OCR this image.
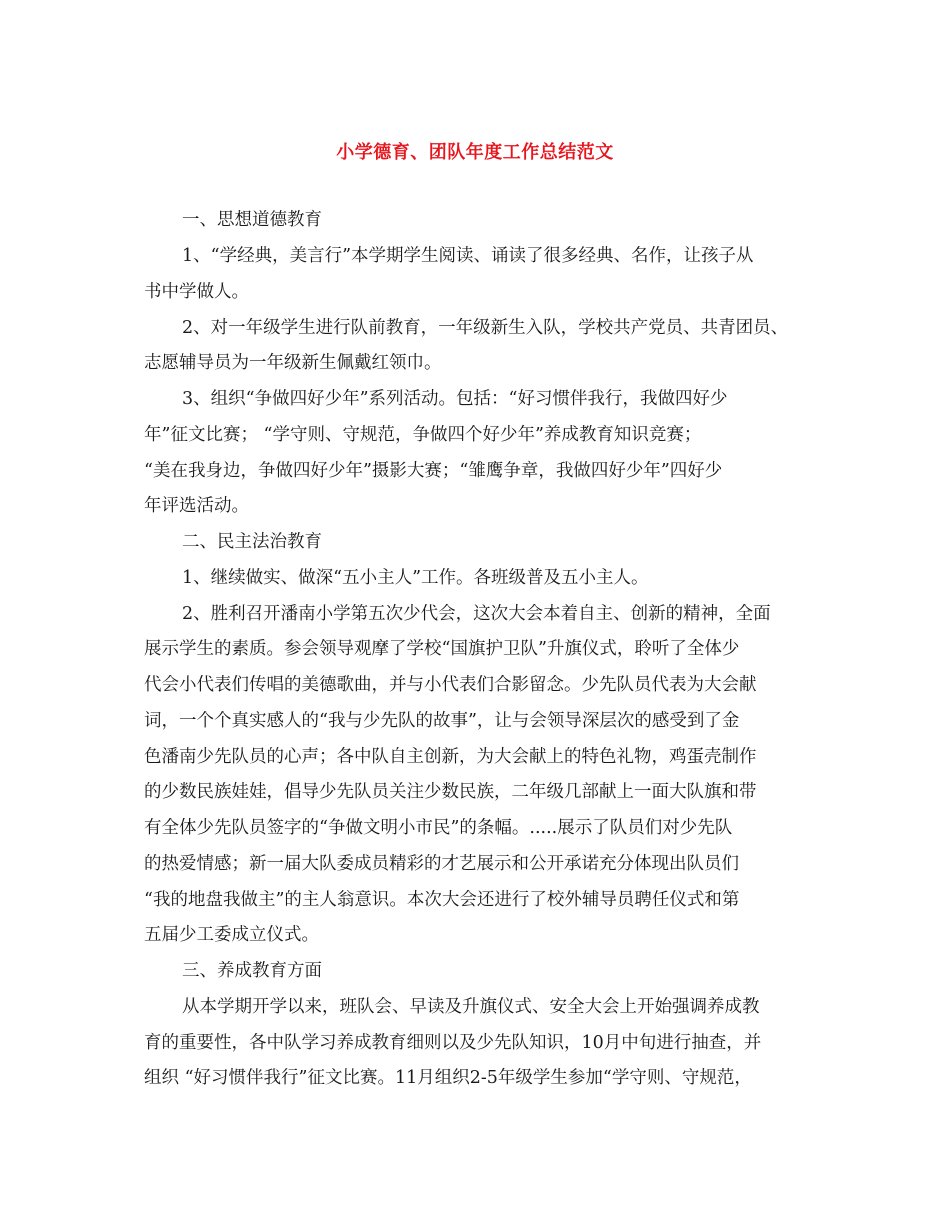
小学德育、团队年度工作总结范文
一、思想道德教育
1、“学经典，美言行”本学期学生阅读、诵读了很多经典、名作，让孩子从
书中学做人。
2、对一年级学生进行队前教育，一年级新生入队，学校共产党员、共青团员、
志愿辅导员为一年级新生佩戴红领巾。
3、组织“争做四好少年”系列活动。包括：“好习惯伴我行，我做四好少
年”征文比赛； “学守则、守规范，争做四个好少年”养成教育知识竞赛；
“美在我身边，争做四好少年”摄影大赛；“雏鹰争章，我做四好少年”四好少
年评选活动。
二、民主法治教育
1、继续做实、做深“五小主人”工作。各班级普及五小主人。
2、胜利召开潘南小学第五次少代会，这次大会本着自主、创新的精神，全面
展示学生的素质。参会领导观摩了学校“国旗护卫队”升旗仪式，聆听了全体少
代会小代表们传唱的美德歌曲，并与小代表们合影留念。少先队员代表为大会献
词，一个个真实感人的“我与少先队的故事”，让与会领导深层次的感受到了金
色潘南少先队员的心声；各中队自主创新，为大会献上的特色礼物，鸡蛋壳制作
的少数民族娃娃，倡导少先队员关注少数民族，二年级几部献上一面大队旗和带
有全体少先队员签字的“争做文明小市民”的条幅。.....展示了队员们对少先队
的热爱情感；新一届大队委成员精彩的才艺展示和公开承诺充分体现出队员们
“我的地盘我做主”的主人翁意识。本次大会还进行了校外辅导员聘任仪式和第
五届少工委成立仪式。
三、养成教育方面
从本学期开学以来，班队会、早读及升旗仪式、安全大会上开始强调养成教
育的重要性，各中队学习养成教育细则以及少先队知识，10月中旬进行抽查，并
组织 “好习惯伴我行”征文比赛。11月组织2-5年级学生参加“学守则、守规范，
